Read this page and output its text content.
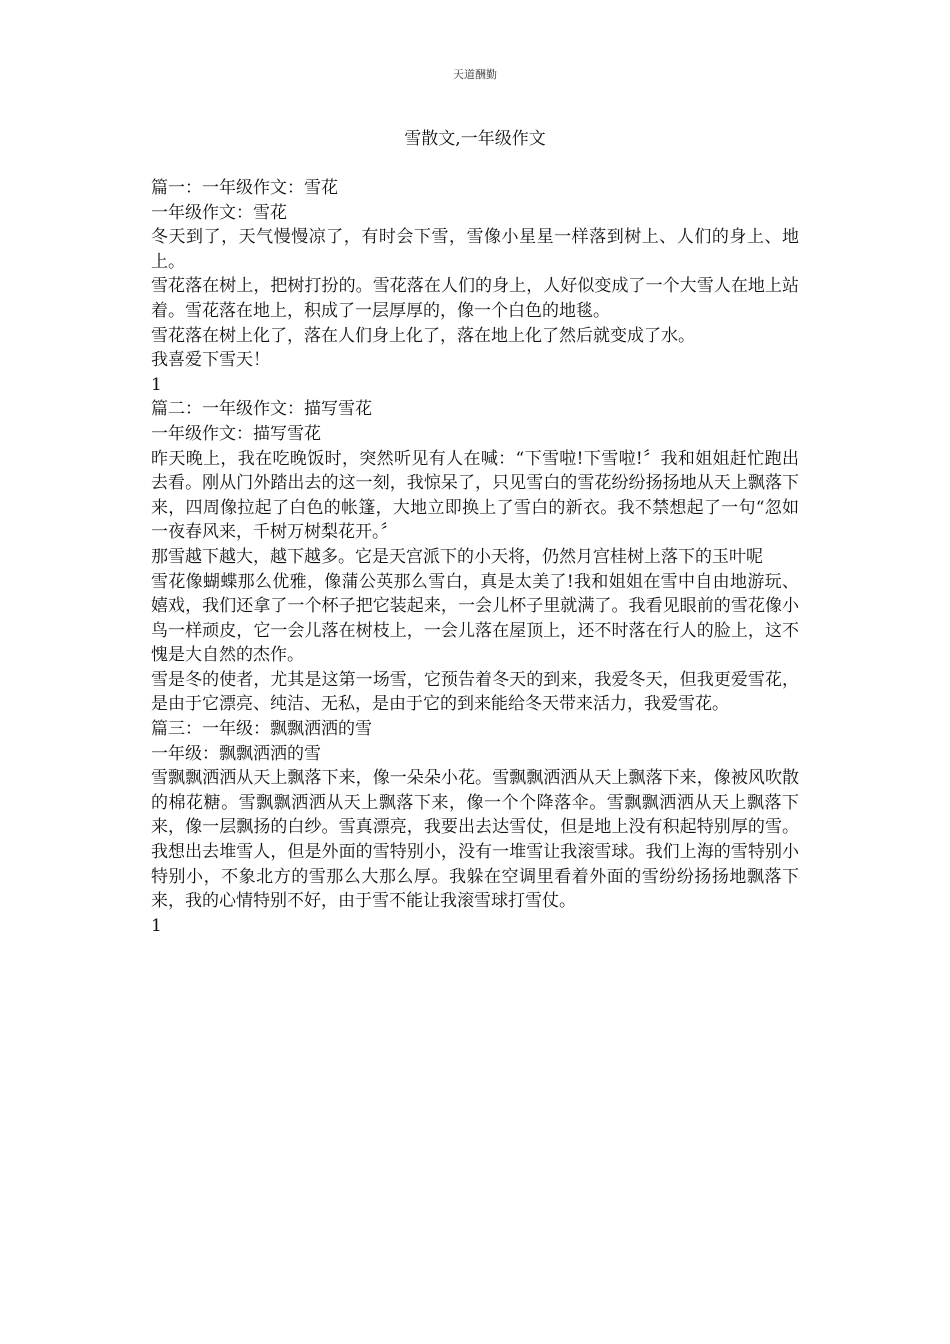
天道酬勤
雪散文,一年级作文

篇一：一年级作文：雪花

一年级作文：雪花

冬天到了，天气慢慢凉了，有时会下雪，雪像小星星一样落到树上、人们的身上、地上。

雪花落在树上，把树打扮的。雪花落在人们的身上，人好似变成了一个大雪人在地上站着。雪花落在地上，积成了一层厚厚的，像一个白色的地毯。

雪花落在树上化了，落在人们身上化了，落在地上化了然后就变成了水。

我喜爱下雪天！

1

篇二：一年级作文：描写雪花

一年级作文：描写雪花

昨天晚上，我在吃晚饭时，突然听见有人在喊：“下雪啦!下雪啦!〞我和姐姐赶忙跑出去看。刚从门外踏出去的这一刻，我惊呆了，只见雪白的雪花纷纷扬扬地从天上飘落下来，四周像拉起了白色的帐篷，大地立即换上了雪白的新衣。我不禁想起了一句“忽如一夜春风来，千树万树梨花开。〞

那雪越下越大，越下越多。它是天宫派下的小天将，仍然月宫桂树上落下的玉叶呢

雪花像蝴蝶那么优雅，像蒲公英那么雪白，真是太美了!我和姐姐在雪中自由地游玩、嬉戏，我们还拿了一个杯子把它装起来，一会儿杯子里就满了。我看见眼前的雪花像小鸟一样顽皮，它一会儿落在树枝上，一会儿落在屋顶上，还不时落在行人的脸上，这不愧是大自然的杰作。

雪是冬的使者，尤其是这第一场雪，它预告着冬天的到来，我爱冬天，但我更爱雪花，是由于它漂亮、纯洁、无私，是由于它的到来能给冬天带来活力，我爱雪花。

篇三：一年级：飘飘洒洒的雪

一年级：飘飘洒洒的雪

雪飘飘洒洒从天上飘落下来，像一朵朵小花。雪飘飘洒洒从天上飘落下来，像被风吹散的棉花糖。雪飘飘洒洒从天上飘落下来，像一个个降落伞。雪飘飘洒洒从天上飘落下来，像一层飘扬的白纱。雪真漂亮，我要出去达雪仗，但是地上没有积起特别厚的雪。我想出去堆雪人，但是外面的雪特别小，没有一堆雪让我滚雪球。我们上海的雪特别小特别小，不象北方的雪那么大那么厚。我躲在空调里看着外面的雪纷纷扬扬地飘落下来，我的心情特别不好，由于雪不能让我滚雪球打雪仗。

1
